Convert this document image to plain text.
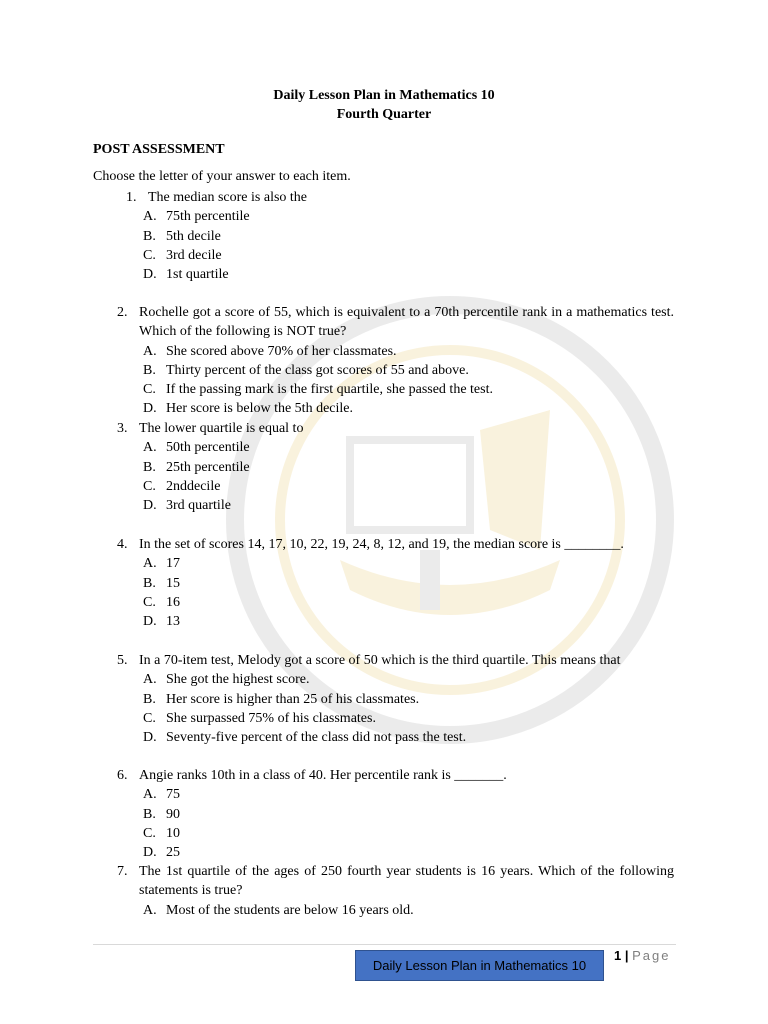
Daily Lesson Plan in Mathematics 10
Fourth Quarter
POST ASSESSMENT
Choose the letter of your answer to each item.
1. The median score is also the
A. 75th percentile
B. 5th decile
C. 3rd decile
D. 1st quartile
2. Rochelle got a score of 55, which is equivalent to a 70th percentile rank in a mathematics test. Which of the following is NOT true?
A. She scored above 70% of her classmates.
B. Thirty percent of the class got scores of 55 and above.
C. If the passing mark is the first quartile, she passed the test.
D. Her score is below the 5th decile.
3. The lower quartile is equal to
A. 50th percentile
B. 25th percentile
C. 2nddecile
D. 3rd quartile
4. In the set of scores 14, 17, 10, 22, 19, 24, 8, 12, and 19, the median score is ________.
A. 17
B. 15
C. 16
D. 13
5. In a 70-item test, Melody got a score of 50 which is the third quartile. This means that
A. She got the highest score.
B. Her score is higher than 25 of his classmates.
C. She surpassed 75% of his classmates.
D. Seventy-five percent of the class did not pass the test.
6. Angie ranks 10th in a class of 40. Her percentile rank is _______.
A. 75
B. 90
C. 10
D. 25
7. The 1st quartile of the ages of 250 fourth year students is 16 years. Which of the following statements is true?
A. Most of the students are below 16 years old.
Daily Lesson Plan in Mathematics 10
1 | Page
